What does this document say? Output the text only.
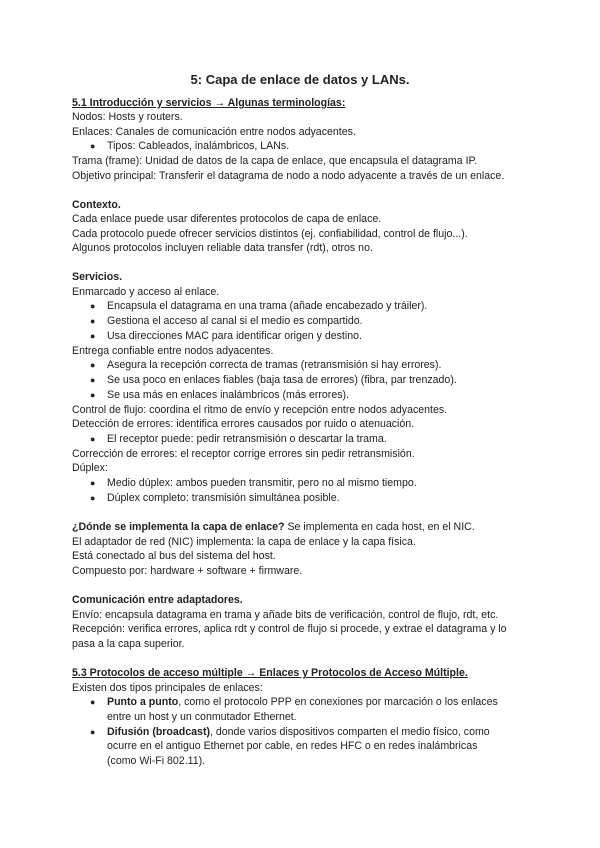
5: Capa de enlace de datos y LANs.
5.1 Introducción y servicios → Algunas terminologías:
Nodos: Hosts y routers.
Enlaces: Canales de comunicación entre nodos adyacentes.
● Tipos: Cableados, inalámbricos, LANs.
Trama (frame): Unidad de datos de la capa de enlace, que encapsula el datagrama IP.
Objetivo principal: Transferir el datagrama de nodo a nodo adyacente a través de un enlace.
Contexto.
Cada enlace puede usar diferentes protocolos de capa de enlace.
Cada protocolo puede ofrecer servicios distintos (ej. confiabilidad, control de flujo...).
Algunos protocolos incluyen reliable data transfer (rdt), otros no.
Servicios.
Enmarcado y acceso al enlace.
● Encapsula el datagrama en una trama (añade encabezado y tráiler).
● Gestiona el acceso al canal si el medio es compartido.
● Usa direcciones MAC para identificar origen y destino.
Entrega confiable entre nodos adyacentes.
● Asegura la recepción correcta de tramas (retransmisión si hay errores).
● Se usa poco en enlaces fiables (baja tasa de errores) (fibra, par trenzado).
● Se usa más en enlaces inalámbricos (más errores).
Control de flujo: coordina el ritmo de envío y recepción entre nodos adyacentes.
Detección de errores: identifica errores causados por ruido o atenuación.
● El receptor puede: pedir retransmisión o descartar la trama.
Corrección de errores: el receptor corrige errores sin pedir retransmisión.
Dúplex:
● Medio dúplex: ambos pueden transmitir, pero no al mismo tiempo.
● Dúplex completo: transmisión simultánea posible.
¿Dónde se implementa la capa de enlace? Se implementa en cada host, en el NIC.
El adaptador de red (NIC) implementa: la capa de enlace y la capa física.
Está conectado al bus del sistema del host.
Compuesto por: hardware + software + firmware.
Comunicación entre adaptadores.
Envío: encapsula datagrama en trama y añade bits de verificación, control de flujo, rdt, etc.
Recepción: verifica errores, aplica rdt y control de flujo si procede, y extrae el datagrama y lo
pasa a la capa superior.
5.3 Protocolos de acceso múltiple → Enlaces y Protocolos de Acceso Múltiple.
Existen dos tipos principales de enlaces:
● Punto a punto, como el protocolo PPP en conexiones por marcación o los enlaces
entre un host y un conmutador Ethernet.
● Difusión (broadcast), donde varios dispositivos comparten el medio físico, como
ocurre en el antiguo Ethernet por cable, en redes HFC o en redes inalámbricas
(como Wi-Fi 802.11).
